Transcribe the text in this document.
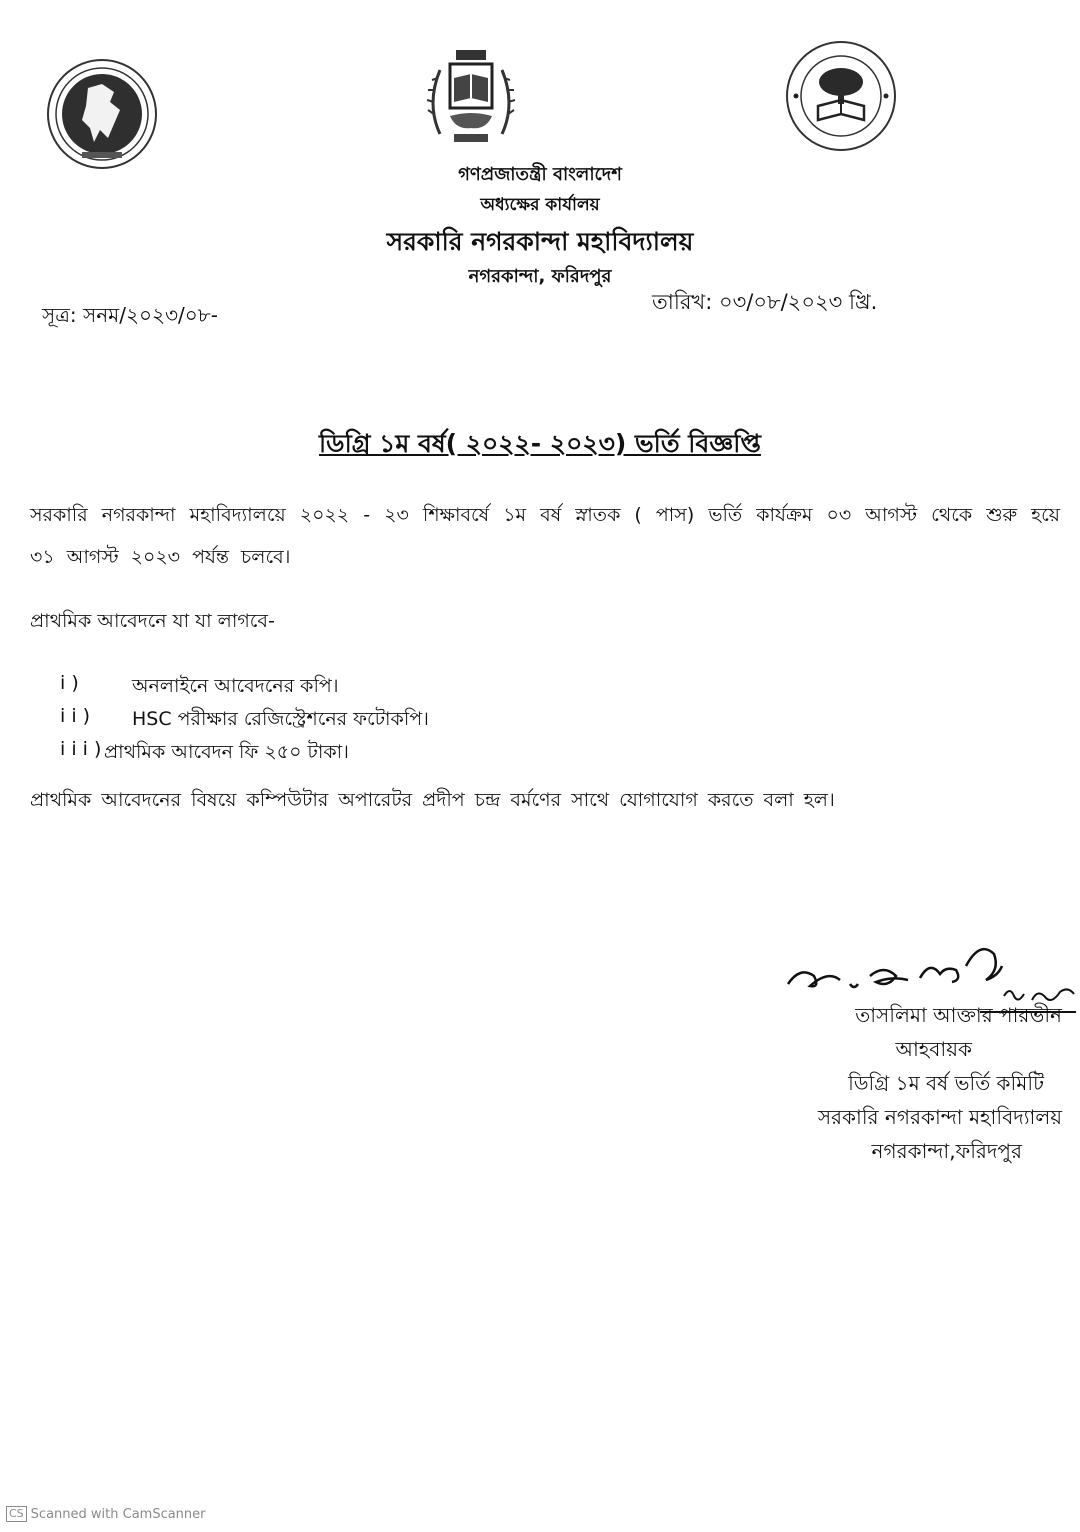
গণপ্রজাতন্ত্রী বাংলাদেশ
অধ্যক্ষের কার্যালয়
সরকারি নগরকান্দা মহাবিদ্যালয়
নগরকান্দা, ফরিদপুর
সূত্র: সনম/২০২৩/০৮-
তারিখ: ০৩/০৮/২০২৩ খ্রি.
ডিগ্রি ১ম বর্ষ( ২০২২- ২০২৩) ভর্তি বিজ্ঞপ্তি
সরকারি নগরকান্দা মহাবিদ্যালয়ে ২০২২ - ২৩ শিক্ষাবর্ষে ১ম বর্ষ স্নাতক ( পাস) ভর্তি কার্যক্রম ০৩ আগস্ট থেকে শুরু হয়ে ৩১ আগস্ট ২০২৩ পর্যন্ত চলবে।
প্রাথমিক আবেদনে যা যা লাগবে-
i )	অনলাইনে আবেদনের কপি।
i i ) HSC পরীক্ষার রেজিস্ট্রেশনের ফটোকপি।
i i i ) প্রাথমিক আবেদন ফি ২৫০ টাকা।
প্রাথমিক আবেদনের বিষয়ে কম্পিউটার অপারেটর প্রদীপ চন্দ্র বর্মণের সাথে যোগাযোগ করতে বলা হল।
তাসলিমা আক্তার পারভীন
আহবায়ক
ডিগ্রি ১ম বর্ষ ভর্তি কমিটি
সরকারি নগরকান্দা মহাবিদ্যালয়
নগরকান্দা,ফরিদপুর
CS Scanned with CamScanner
